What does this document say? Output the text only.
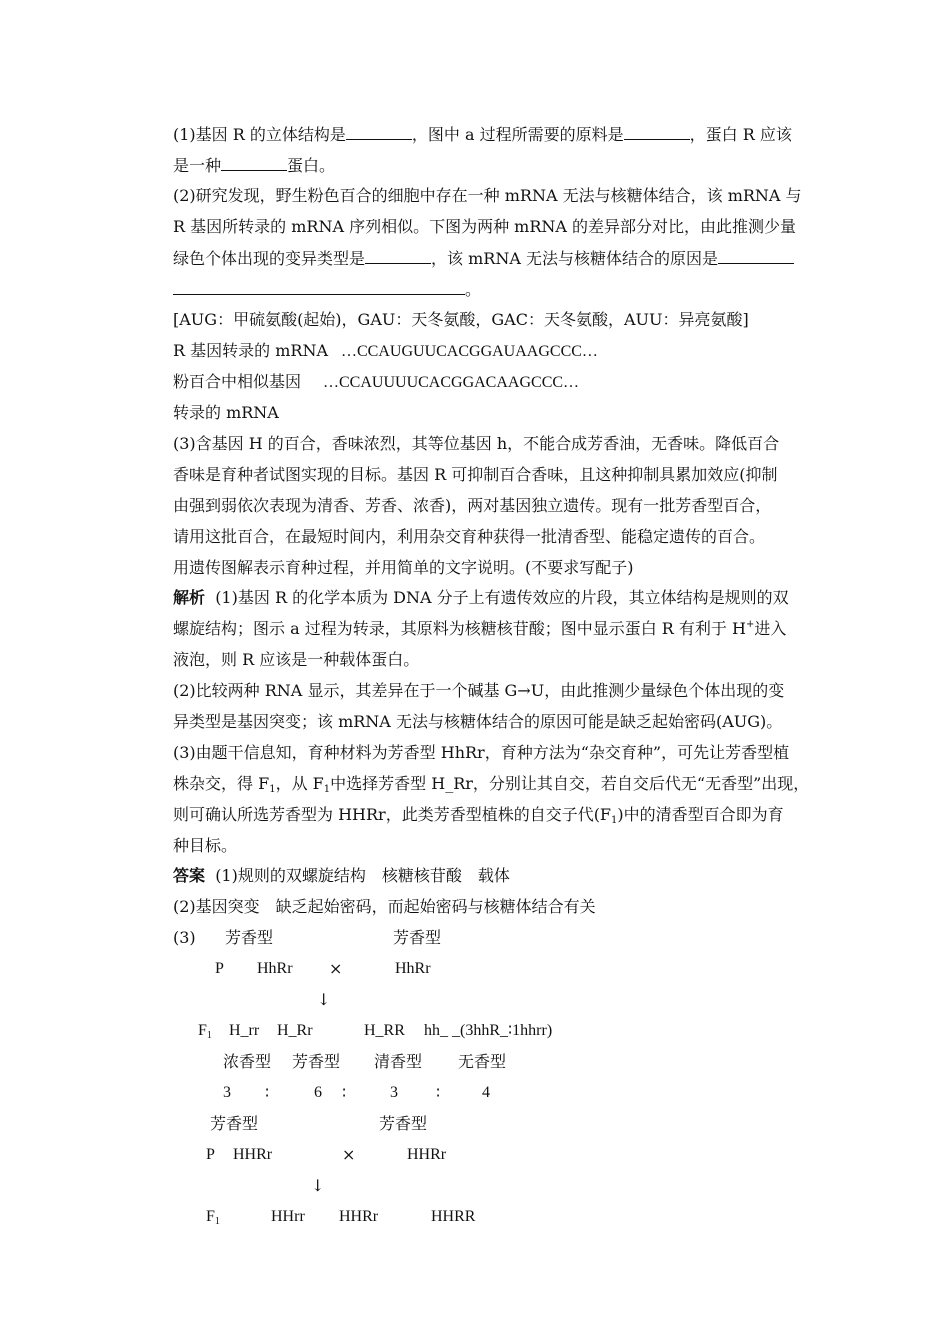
(1)基因 R 的立体结构是	，图中 a 过程所需要的原料是	，蛋白 R 应该
是一种	蛋白。
(2)研究发现，野生粉色百合的细胞中存在一种 mRNA 无法与核糖体结合，该 mRNA 与
R 基因所转录的 mRNA 序列相似。下图为两种 mRNA 的差异部分对比，由此推测少量
绿色个体出现的变异类型是	，该 mRNA 无法与核糖体结合的原因是
。
[AUG：甲硫氨酸(起始)，GAU：天冬氨酸，GAC：天冬氨酸，AUU：异亮氨酸]
R 基因转录的 mRNA …CCAUGUUCACGGAUAAGCCC…
粉百合中相似基因 …CCAUUUUCACGGACAAGCCC…
转录的 mRNA
(3)含基因 H 的百合，香味浓烈，其等位基因 h，不能合成芳香油，无香味。降低百合
香味是育种者试图实现的目标。基因 R 可抑制百合香味，且这种抑制具累加效应(抑制
由强到弱依次表现为清香、芳香、浓香)，两对基因独立遗传。现有一批芳香型百合，
请用这批百合，在最短时间内，利用杂交育种获得一批清香型、能稳定遗传的百合。
用遗传图解表示育种过程，并用简单的文字说明。(不要求写配子)
解析 (1)基因 R 的化学本质为 DNA 分子上有遗传效应的片段，其立体结构是规则的双
螺旋结构；图示 a 过程为转录，其原料为核糖核苷酸；图中显示蛋白 R 有利于 H+进入
液泡，则 R 应该是一种载体蛋白。
(2)比较两种 RNA 显示，其差异在于一个碱基 G→U，由此推测少量绿色个体出现的变
异类型是基因突变；该 mRNA 无法与核糖体结合的原因可能是缺乏起始密码(AUG)。
(3)由题干信息知，育种材料为芳香型 HhRr，育种方法为“杂交育种”，可先让芳香型植
株杂交，得 $F_1$，从 $F_1$中选择芳香型 H_Rr，分别让其自交，若自交后代无“无香型”出现，
则可确认所选芳香型为 HHRr，此类芳香型植株的自交子代$(F_1)$中的清香型百合即为育
种目标。
答案 (1)规则的双螺旋结构　核糖核苷酸　载体
(2)基因突变　缺乏起始密码，而起始密码与核糖体结合有关
(3)	芳香型	芳香型
P HhRr ×	HhRr
↓
$F_1$ H_rr H_Rr	H_RR hh_ _(3hhR_∶1hhrr)
浓香型 芳香型 清香型 无香型
3 ∶	6 ∶	3 ∶	4
芳香型	芳香型
P HHRr	×	HHRr
↓
$F_1$	HHrr HHRr	HHRR
